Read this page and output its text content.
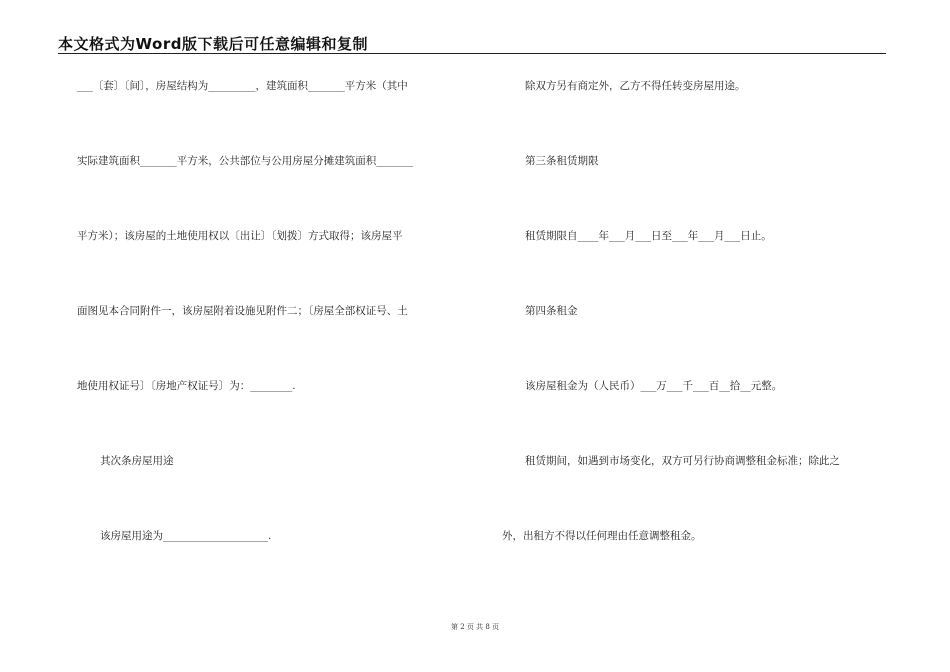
本文格式为Word版下载后可任意编辑和复制
___〔套〕〔间〕，房屋结构为_________，建筑面积_______平方米（其中
实际建筑面积_______平方米，公共部位与公用房屋分摊建筑面积_______
平方米）；该房屋的土地使用权以〔出让〕〔划拨〕方式取得；该房屋平
面图见本合同附件一，该房屋附着设施见附件二；〔房屋全部权证号、土
地使用权证号〕〔房地产权证号〕为：________.
其次条房屋用途
该房屋用途为____________________.
除双方另有商定外，乙方不得任转变房屋用途。
第三条租赁期限
租赁期限自____年___月___日至___年___月___日止。
第四条租金
该房屋租金为（人民币）___万___千___百__拾__元整。
租赁期间，如遇到市场变化，双方可另行协商调整租金标准；除此之
外，出租方不得以任何理由任意调整租金。
第 2 页 共 8 页
